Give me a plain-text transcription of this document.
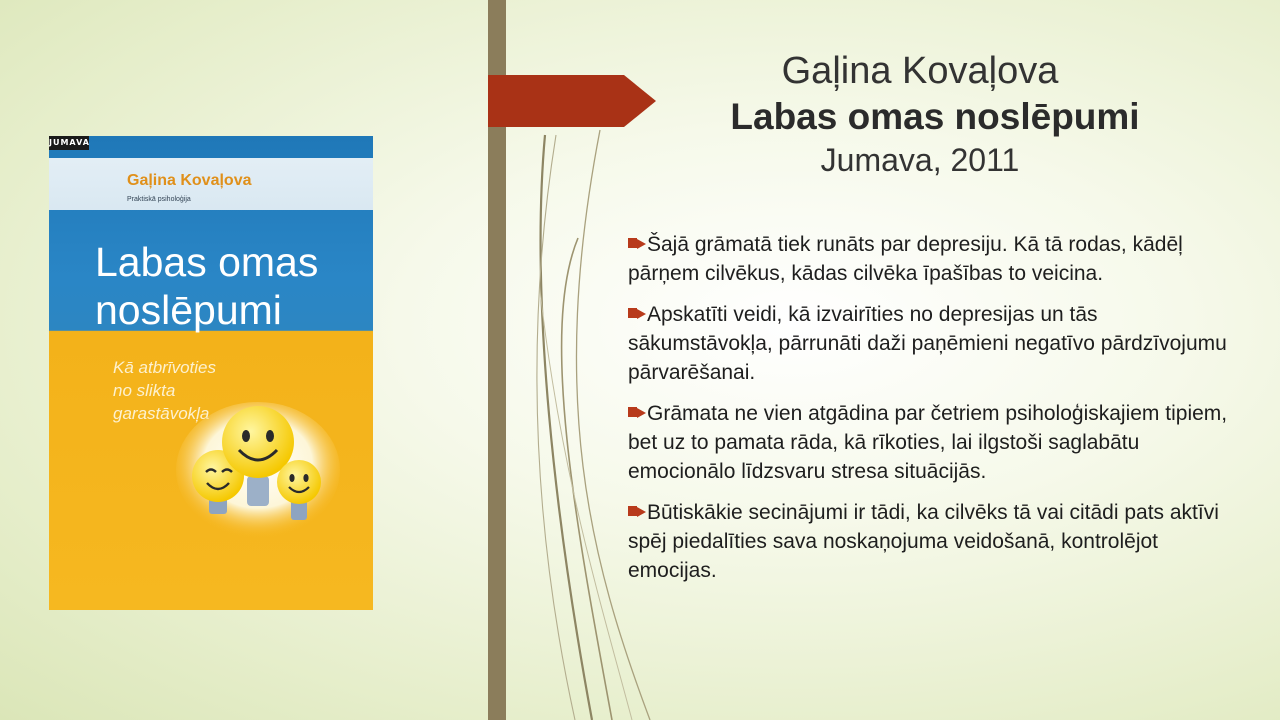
JUMAVA
Gaļina Kovaļova
Praktiskā psiholoģija
Labas omas
noslēpumi
Kā atbrīvoties
no slikta
garastāvokļa
Gaļina Kovaļova
Labas omas noslēpumi
Jumava, 2011
Šajā grāmatā tiek runāts par depresiju. Kā tā rodas, kādēļ pārņem cilvēkus, kādas cilvēka īpašības to veicina.
Apskatīti veidi, kā izvairīties no depresijas un tās sākumstāvokļa, pārrunāti daži paņēmieni negatīvo pārdzīvojumu pārvarēšanai.
Grāmata ne vien atgādina par četriem psiholoģiskajiem tipiem, bet uz to pamata rāda, kā rīkoties, lai ilgstoši saglabātu emocionālo līdzsvaru stresa situācijās.
Būtiskākie secinājumi ir tādi, ka cilvēks tā vai citādi pats aktīvi spēj piedalīties sava noskaņojuma veidošanā, kontrolējot emocijas.
